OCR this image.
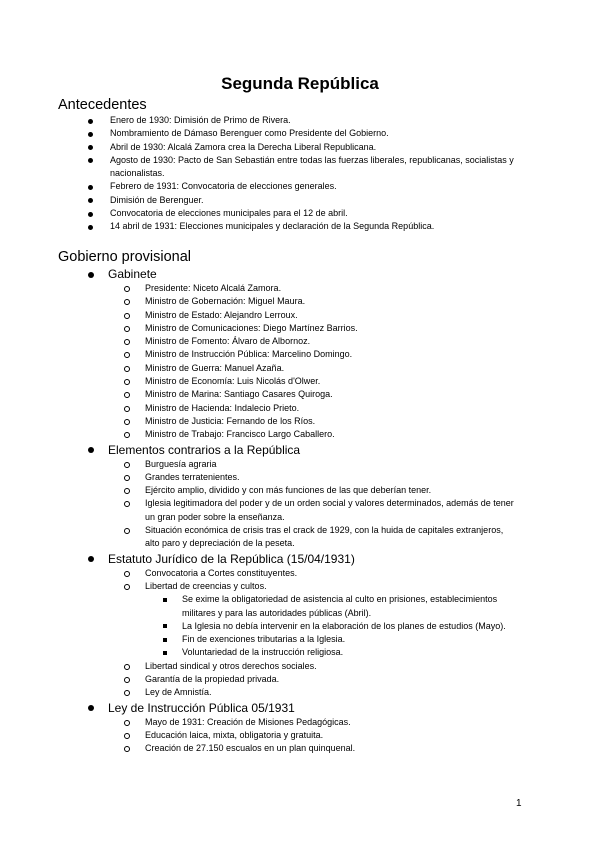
Segunda República
Antecedentes
Enero de 1930: Dimisión de Primo de Rivera.
Nombramiento de Dámaso Berenguer como Presidente del Gobierno.
Abril de 1930: Alcalá Zamora crea la Derecha Liberal Republicana.
Agosto de 1930: Pacto de San Sebastián entre todas las fuerzas liberales, republicanas, socialistas y nacionalistas.
Febrero de 1931: Convocatoria de elecciones generales.
Dimisión de Berenguer.
Convocatoria de elecciones municipales para el 12 de abril.
14 abril de 1931: Elecciones municipales y declaración de la Segunda República.
Gobierno provisional
Gabinete
Presidente: Niceto Alcalá Zamora.
Ministro de Gobernación: Miguel Maura.
Ministro de Estado: Alejandro Lerroux.
Ministro de Comunicaciones: Diego Martínez Barrios.
Ministro de Fomento: Álvaro de Albornoz.
Ministro de Instrucción Pública: Marcelino Domingo.
Ministro de Guerra: Manuel Azaña.
Ministro de Economía: Luis Nicolás d'Olwer.
Ministro de Marina: Santiago Casares Quiroga.
Ministro de Hacienda: Indalecio Prieto.
Ministro de Justicia: Fernando de los Ríos.
Ministro de Trabajo: Francisco Largo Caballero.
Elementos contrarios a la República
Burguesía agraria
Grandes terratenientes.
Ejército amplio, dividido y con más funciones de las que deberían tener.
Iglesia legitimadora del poder y de un orden social y valores determinados, además de tener un gran poder sobre la enseñanza.
Situación económica de crisis tras el crack de 1929, con la huida de capitales extranjeros, alto paro y depreciación de la peseta.
Estatuto Jurídico de la República (15/04/1931)
Convocatoria a Cortes constituyentes.
Libertad de creencias y cultos.
Se exime la obligatoriedad de asistencia al culto en prisiones, establecimientos militares y para las autoridades públicas (Abril).
La Iglesia no debía intervenir en la elaboración de los planes de estudios (Mayo).
Fin de exenciones tributarias a la Iglesia.
Voluntariedad de la instrucción religiosa.
Libertad sindical y otros derechos sociales.
Garantía de la propiedad privada.
Ley de Amnistía.
Ley de Instrucción Pública 05/1931
Mayo de 1931: Creación de Misiones Pedagógicas.
Educación laica, mixta, obligatoria y gratuita.
Creación de 27.150 escualos en un plan quinquenal.
1
